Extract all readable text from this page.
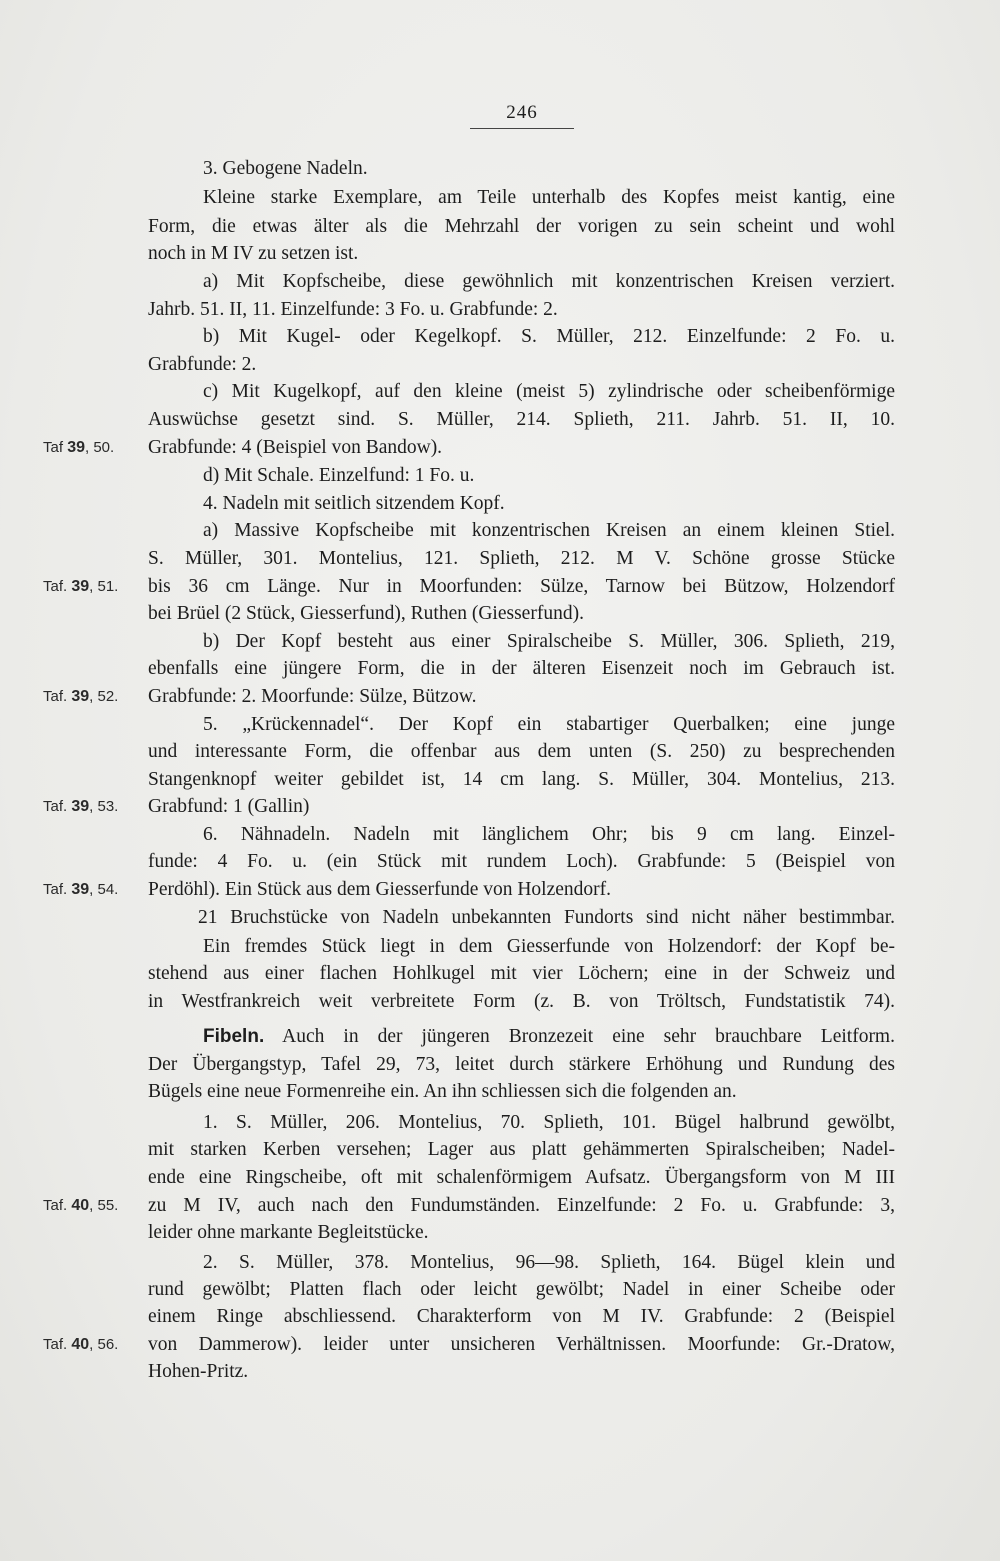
246
3. Gebogene Nadeln.
Kleine starke Exemplare, am Teile unterhalb des Kopfes meist kantig, eine
Form, die etwas älter als die Mehrzahl der vorigen zu sein scheint und wohl
noch in M IV zu setzen ist.
a) Mit Kopfscheibe, diese gewöhnlich mit konzentrischen Kreisen verziert.
Jahrb. 51. II, 11. Einzelfunde: 3 Fo. u. Grabfunde: 2.
b) Mit Kugel- oder Kegelkopf. S. Müller, 212. Einzelfunde: 2 Fo. u.
Grabfunde: 2.
c) Mit Kugelkopf, auf den kleine (meist 5) zylindrische oder scheibenförmige
Auswüchse gesetzt sind. S. Müller, 214. Splieth, 211. Jahrb. 51. II, 10.
Grabfunde: 4 (Beispiel von Bandow).
d) Mit Schale. Einzelfund: 1 Fo. u.
4. Nadeln mit seitlich sitzendem Kopf.
a) Massive Kopfscheibe mit konzentrischen Kreisen an einem kleinen Stiel.
S. Müller, 301. Montelius, 121. Splieth, 212. M V. Schöne grosse Stücke
bis 36 cm Länge. Nur in Moorfunden: Sülze, Tarnow bei Bützow, Holzendorf
bei Brüel (2 Stück, Giesserfund), Ruthen (Giesserfund).
b) Der Kopf besteht aus einer Spiralscheibe S. Müller, 306. Splieth, 219,
ebenfalls eine jüngere Form, die in der älteren Eisenzeit noch im Gebrauch ist.
Grabfunde: 2. Moorfunde: Sülze, Bützow.
5. „Krückennadel“. Der Kopf ein stabartiger Querbalken; eine junge
und interessante Form, die offenbar aus dem unten (S. 250) zu besprechenden
Stangenknopf weiter gebildet ist, 14 cm lang. S. Müller, 304. Montelius, 213.
Grabfund: 1 (Gallin)
6. Nähnadeln. Nadeln mit länglichem Ohr; bis 9 cm lang. Einzel-
funde: 4 Fo. u. (ein Stück mit rundem Loch). Grabfunde: 5 (Beispiel von
Perdöhl). Ein Stück aus dem Giesserfunde von Holzendorf.
21 Bruchstücke von Nadeln unbekannten Fundorts sind nicht näher bestimmbar.
Ein fremdes Stück liegt in dem Giesserfunde von Holzendorf: der Kopf be-
stehend aus einer flachen Hohlkugel mit vier Löchern; eine in der Schweiz und
in Westfrankreich weit verbreitete Form (z. B. von Tröltsch, Fundstatistik 74).
Fibeln. Auch in der jüngeren Bronzezeit eine sehr brauchbare Leitform.
Der Übergangstyp, Tafel 29, 73, leitet durch stärkere Erhöhung und Rundung des
Bügels eine neue Formenreihe ein. An ihn schliessen sich die folgenden an.
1. S. Müller, 206. Montelius, 70. Splieth, 101. Bügel halbrund gewölbt,
mit starken Kerben versehen; Lager aus platt gehämmerten Spiralscheiben; Nadel-
ende eine Ringscheibe, oft mit schalenförmigem Aufsatz. Übergangsform von M III
zu M IV, auch nach den Fundumständen. Einzelfunde: 2 Fo. u. Grabfunde: 3,
leider ohne markante Begleitstücke.
2. S. Müller, 378. Montelius, 96—98. Splieth, 164. Bügel klein und
rund gewölbt; Platten flach oder leicht gewölbt; Nadel in einer Scheibe oder
einem Ringe abschliessend. Charakterform von M IV. Grabfunde: 2 (Beispiel
von Dammerow). leider unter unsicheren Verhältnissen. Moorfunde: Gr.-Dratow,
Hohen-Pritz.
Taf 39, 50.
Taf. 39, 51.
Taf. 39, 52.
Taf. 39, 53.
Taf. 39, 54.
Taf. 40, 55.
Taf. 40, 56.
